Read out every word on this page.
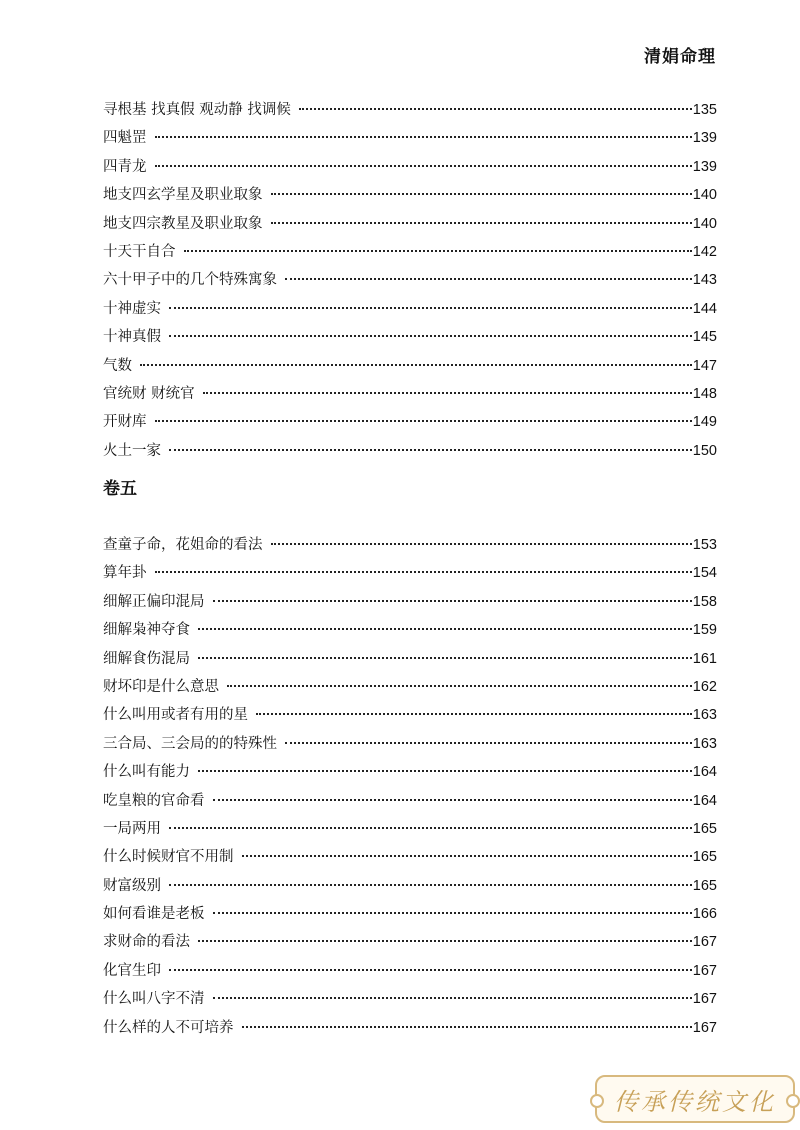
清娟命理
寻根基 找真假 观动静 找调候	135
四魁罡	139
四青龙	139
地支四玄学星及职业取象	140
地支四宗教星及职业取象	140
十天干自合	142
六十甲子中的几个特殊寓象	143
十神虚实	144
十神真假	145
气数	147
官统财 财统官	148
开财库	149
火土一家	150
卷五
查童子命，花姐命的看法	153
算年卦	154
细解正偏印混局	158
细解枭神夺食	159
细解食伤混局	161
财坏印是什么意思	162
什么叫用或者有用的星	163
三合局、三会局的的特殊性	163
什么叫有能力	164
吃皇粮的官命看	164
一局两用	165
什么时候财官不用制	165
财富级别	165
如何看谁是老板	166
求财命的看法	167
化官生印	167
什么叫八字不清	167
什么样的人不可培养	167
传承传统文化
